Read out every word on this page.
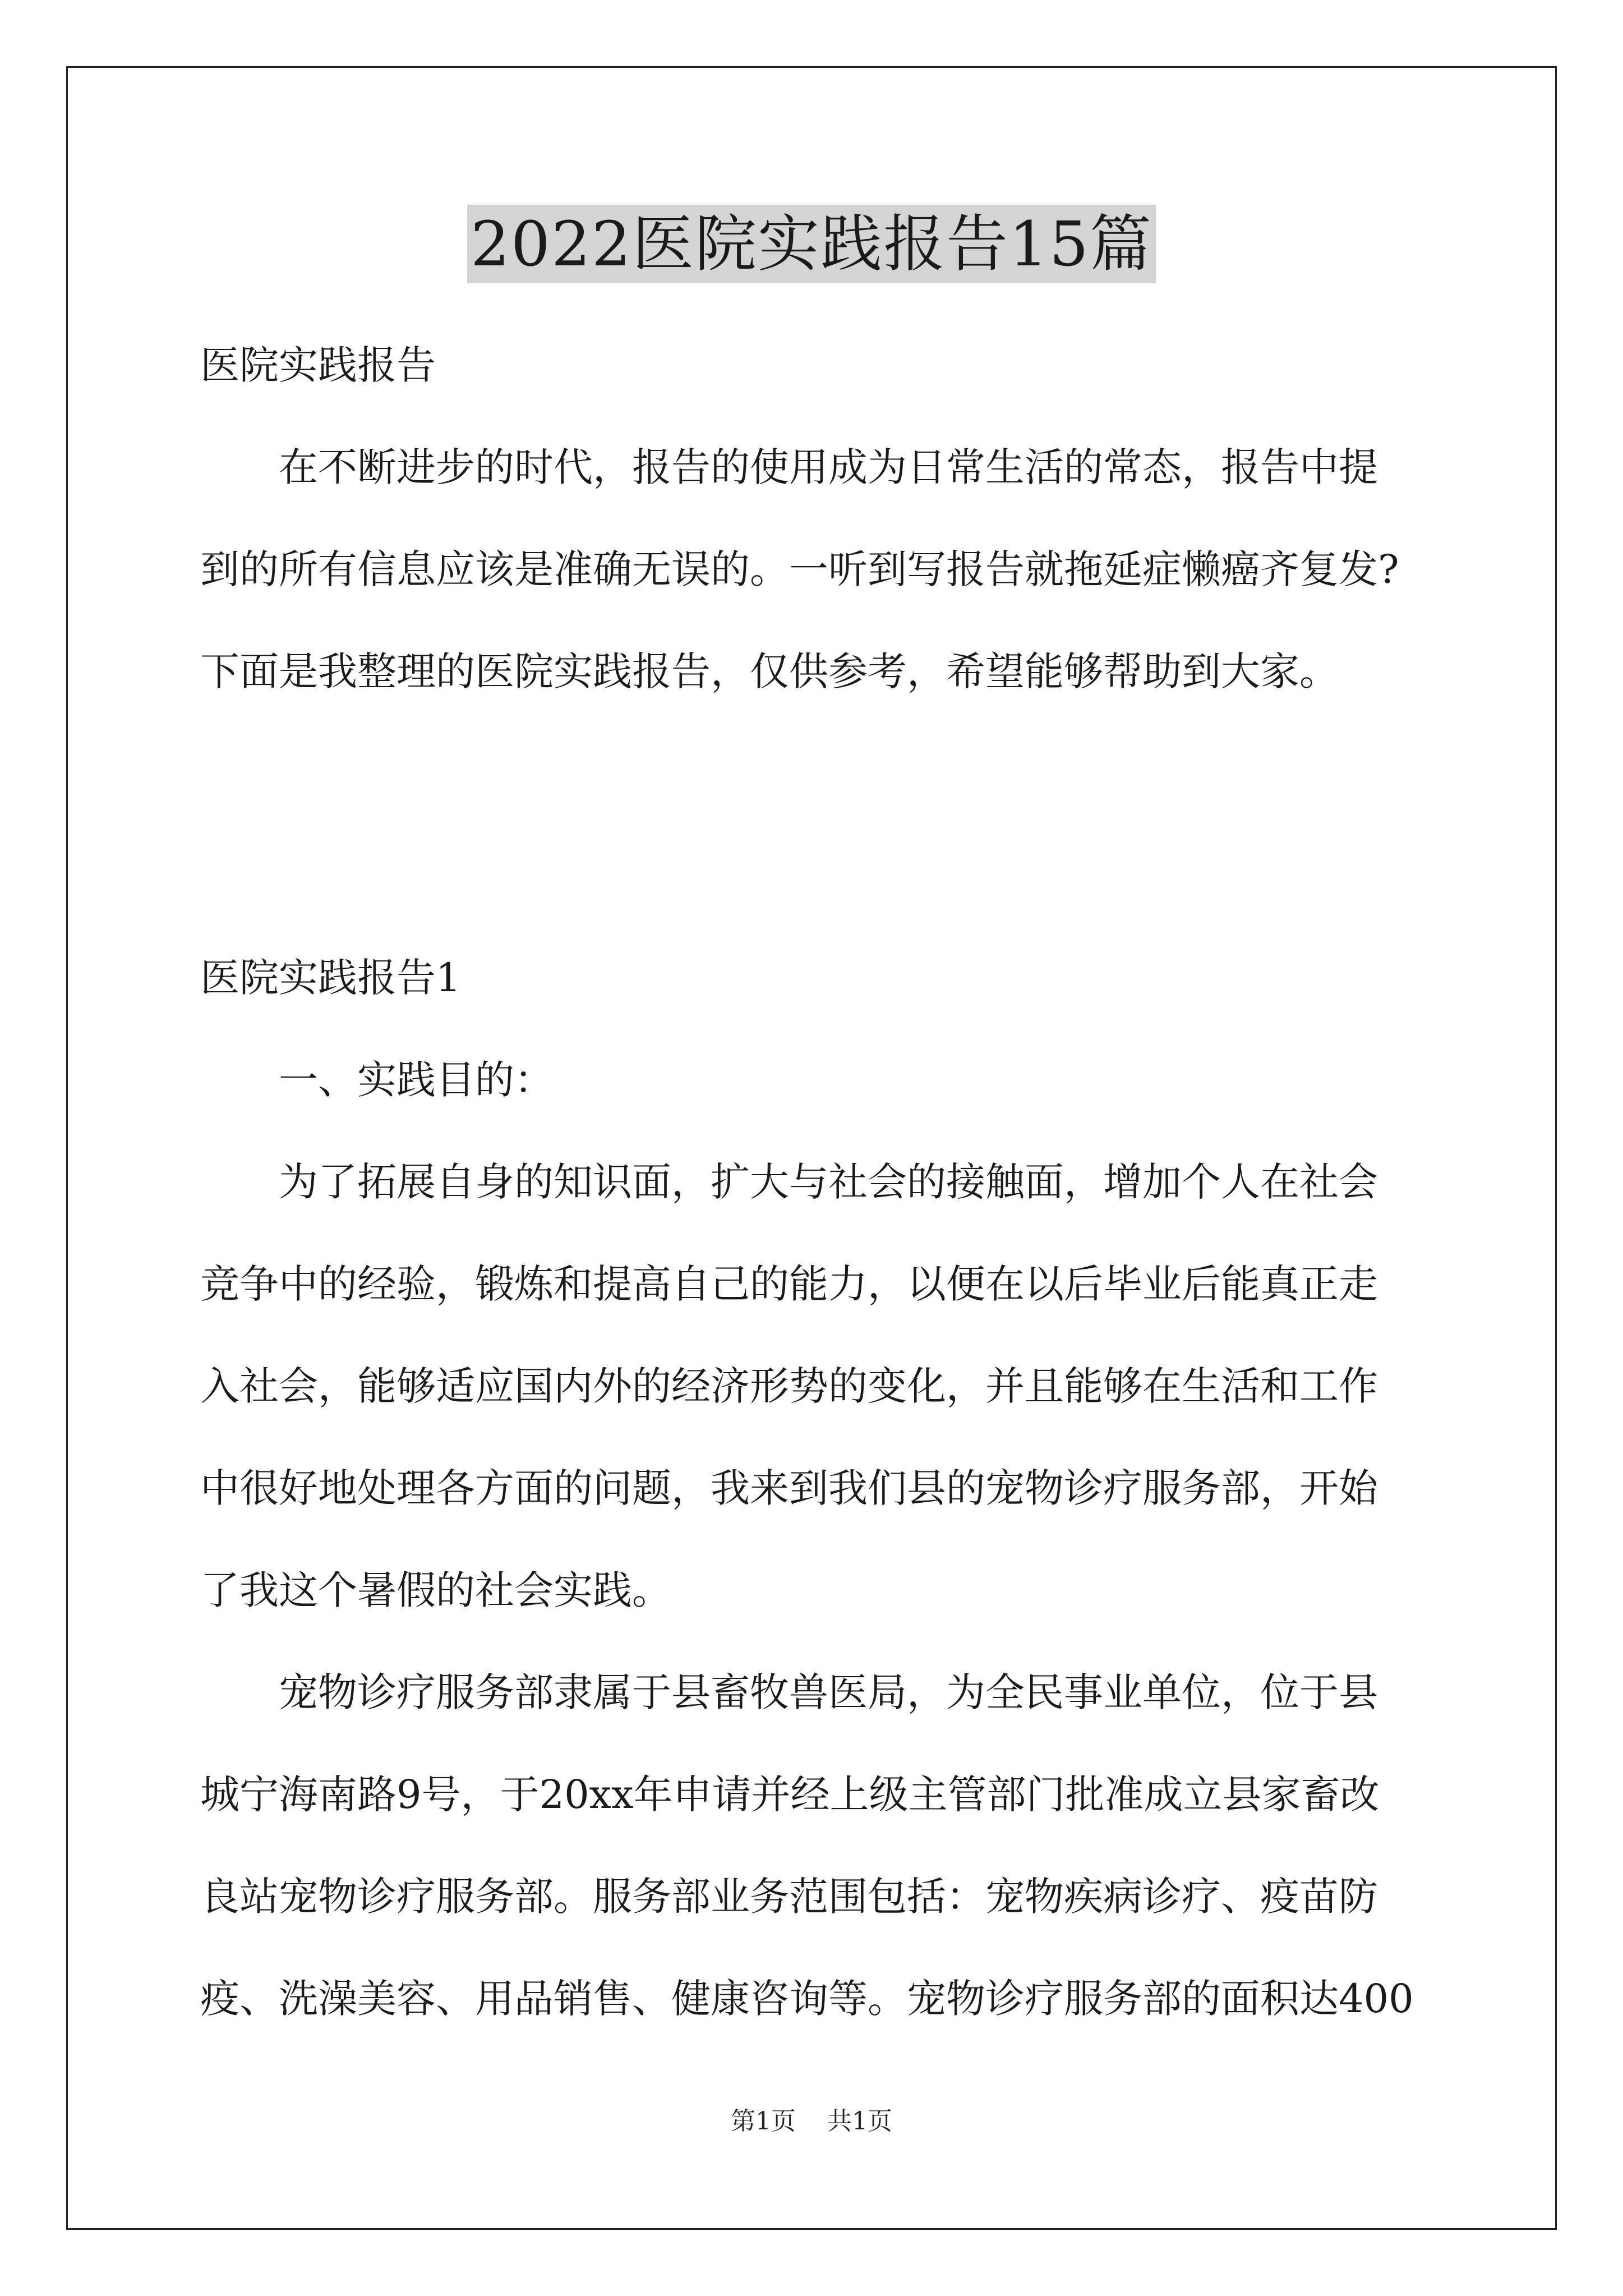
2022医院实践报告15篇
医院实践报告
在不断进步的时代，报告的使用成为日常生活的常态，报告中提
到的所有信息应该是准确无误的。一听到写报告就拖延症懒癌齐复发?
下面是我整理的医院实践报告，仅供参考，希望能够帮助到大家。
医院实践报告1
一、实践目的：
为了拓展自身的知识面，扩大与社会的接触面，增加个人在社会
竞争中的经验，锻炼和提高自己的能力，以便在以后毕业后能真正走
入社会，能够适应国内外的经济形势的变化，并且能够在生活和工作
中很好地处理各方面的问题，我来到我们县的宠物诊疗服务部，开始
了我这个暑假的社会实践。
宠物诊疗服务部隶属于县畜牧兽医局，为全民事业单位，位于县
城宁海南路9号，于20xx年申请并经上级主管部门批准成立县家畜改
良站宠物诊疗服务部。服务部业务范围包括：宠物疾病诊疗、疫苗防
疫、洗澡美容、用品销售、健康咨询等。宠物诊疗服务部的面积达400
第1页    共1页
